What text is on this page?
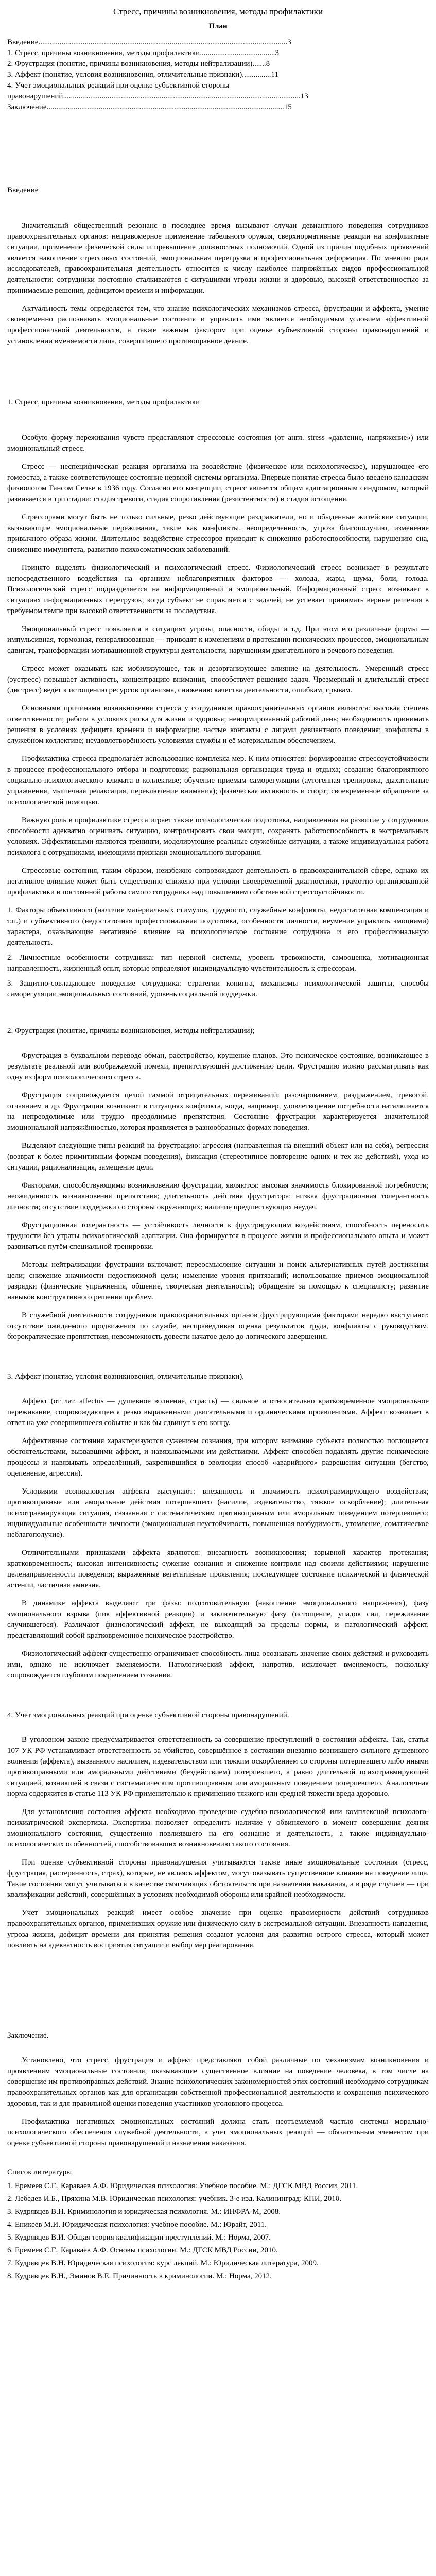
Стресс, причины возникновения, методы профилактики
План
Введение.................................................................................................................................3
1. Стресс, причины возникновения, методы профилактики.......................................3
2. Фрустрация (понятие, причины возникновения, методы нейтрализации).......8
3. Аффект (понятие, условия возникновения, отличительные признаки)...............11
4. Учет эмоциональных реакций при оценке субъективной стороны правонарушений...........................................................................................................................13
Заключение...........................................................................................................................15
Введение

Значительный общественный резонанс в последнее время вызывают случаи девиантного поведения сотрудников правоохранительных органов: неправомерное применение табельного оружия, сверхнормативные реакции на конфликтные ситуации, применение физической силы и превышение должностных полномочий. Одной из причин подобных проявлений является накопление стрессовых состояний, эмоциональная перегрузка и профессиональная деформация. По мнению ряда исследователей, правоохранительная деятельность относится к числу наиболее напряжённых видов профессиональной деятельности: сотрудники постоянно сталкиваются с ситуациями угрозы жизни и здоровью, высокой ответственностью за принимаемые решения, дефицитом времени и информации.

Актуальность темы определяется тем, что знание психологических механизмов стресса, фрустрации и аффекта, умение своевременно распознавать эмоциональные состояния и управлять ими является необходимым условием эффективной профессиональной деятельности, а также важным фактором при оценке субъективной стороны правонарушений и установлении вменяемости лица, совершившего противоправное деяние.

1. Стресс, причины возникновения, методы профилактики

Особую форму переживания чувств представляют стрессовые состояния (от англ. stress «давление, напряжение») или эмоциональный стресс.

Стресс — неспецифическая реакция организма на воздействие (физическое или психологическое), нарушающее его гомеостаз, а также соответствующее состояние нервной системы организма. Впервые понятие стресса было введено канадским физиологом Гансом Селье в 1936 году. Согласно его концепции, стресс является общим адаптационным синдромом, который развивается в три стадии: стадия тревоги, стадия сопротивления (резистентности) и стадия истощения.

Стрессорами могут быть не только сильные, резко действующие раздражители, но и обыденные житейские ситуации, вызывающие эмоциональные переживания, такие как конфликты, неопределенность, угроза благополучию, изменение привычного образа жизни. Длительное воздействие стрессоров приводит к снижению работоспособности, нарушению сна, снижению иммунитета, развитию психосоматических заболеваний.

Принято выделять физиологический и психологический стресс. Физиологический стресс возникает в результате непосредственного воздействия на организм неблагоприятных факторов — холода, жары, шума, боли, голода. Психологический стресс подразделяется на информационный и эмоциональный. Информационный стресс возникает в ситуациях информационных перегрузок, когда субъект не справляется с задачей, не успевает принимать верные решения в требуемом темпе при высокой ответственности за последствия.

Эмоциональный стресс появляется в ситуациях угрозы, опасности, обиды и т.д. При этом его различные формы — импульсивная, тормозная, генерализованная — приводят к изменениям в протекании психических процессов, эмоциональным сдвигам, трансформации мотивационной структуры деятельности, нарушениям двигательного и речевого поведения.

Стресс может оказывать как мобилизующее, так и дезорганизующее влияние на деятельность. Умеренный стресс (эустресс) повышает активность, концентрацию внимания, способствует решению задач. Чрезмерный и длительный стресс (дистресс) ведёт к истощению ресурсов организма, снижению качества деятельности, ошибкам, срывам.

Основными причинами возникновения стресса у сотрудников правоохранительных органов являются: высокая степень ответственности; работа в условиях риска для жизни и здоровья; ненормированный рабочий день; необходимость принимать решения в условиях дефицита времени и информации; частые контакты с лицами девиантного поведения; конфликты в служебном коллективе; неудовлетворённость условиями службы и её материальным обеспечением.

Профилактика стресса предполагает использование комплекса мер. К ним относятся: формирование стрессоустойчивости в процессе профессионального отбора и подготовки; рациональная организация труда и отдыха; создание благоприятного социально-психологического климата в коллективе; обучение приемам саморегуляции (аутогенная тренировка, дыхательные упражнения, мышечная релаксация, переключение внимания); физическая активность и спорт; своевременное обращение за психологической помощью.

Важную роль в профилактике стресса играет также психологическая подготовка, направленная на развитие у сотрудников способности адекватно оценивать ситуацию, контролировать свои эмоции, сохранять работоспособность в экстремальных условиях. Эффективными являются тренинги, моделирующие реальные служебные ситуации, а также индивидуальная работа психолога с сотрудниками, имеющими признаки эмоционального выгорания.

Стрессовые состояния, таким образом, неизбежно сопровождают деятельность в правоохранительной сфере, однако их негативное влияние может быть существенно снижено при условии своевременной диагностики, грамотно организованной профилактики и постоянной работы самого сотрудника над повышением собственной стрессоустойчивости.

1. Факторы объективного (наличие материальных стимулов, трудности, служебные конфликты, недостаточная компенсация и т.п.) и субъективного (недостаточная профессиональная подготовка, особенности личности, неумение управлять эмоциями) характера, оказывающие негативное влияние на психологическое состояние сотрудника и его профессиональную деятельность.
2. Личностные особенности сотрудника: тип нервной системы, уровень тревожности, самооценка, мотивационная направленность, жизненный опыт, которые определяют индивидуальную чувствительность к стрессорам.
3. Защитно-совладающее поведение сотрудника: стратегии копинга, механизмы психологической защиты, способы саморегуляции эмоциональных состояний, уровень социальной поддержки.
2. Фрустрация (понятие, причины возникновения, методы нейтрализации);

Фрустрация в буквальном переводе обман, расстройство, крушение планов. Это психическое состояние, возникающее в результате реальной или воображаемой помехи, препятствующей достижению цели. Фрустрацию можно рассматривать как одну из форм психологического стресса.

Фрустрация сопровождается целой гаммой отрицательных переживаний: разочарованием, раздражением, тревогой, отчаянием и др. Фрустрации возникают в ситуациях конфликта, когда, например, удовлетворение потребности наталкивается на непреодолимые или трудно преодолимые препятствия. Состояние фрустрации характеризуется значительной эмоциональной напряжённостью, которая проявляется в разнообразных формах поведения.

Выделяют следующие типы реакций на фрустрацию: агрессия (направленная на внешний объект или на себя), регрессия (возврат к более примитивным формам поведения), фиксация (стереотипное повторение одних и тех же действий), уход из ситуации, рационализация, замещение цели.

Факторами, способствующими возникновению фрустрации, являются: высокая значимость блокированной потребности; неожиданность возникновения препятствия; длительность действия фрустратора; низкая фрустрационная толерантность личности; отсутствие поддержки со стороны окружающих; наличие предшествующих неудач.

Фрустрационная толерантность — устойчивость личности к фрустрирующим воздействиям, способность переносить трудности без утраты психологической адаптации. Она формируется в процессе жизни и профессионального опыта и может развиваться путём специальной тренировки.

Методы нейтрализации фрустрации включают: переосмысление ситуации и поиск альтернативных путей достижения цели; снижение значимости недостижимой цели; изменение уровня притязаний; использование приемов эмоциональной разрядки (физические упражнения, общение, творческая деятельность); обращение за помощью к специалисту; развитие навыков конструктивного решения проблем.

В служебной деятельности сотрудников правоохранительных органов фрустрирующими факторами нередко выступают: отсутствие ожидаемого продвижения по службе, несправедливая оценка результатов труда, конфликты с руководством, бюрократические препятствия, невозможность довести начатое дело до логического завершения.

3. Аффект (понятие, условия возникновения, отличительные признаки).

Аффект (от лат. affectus — душевное волнение, страсть) — сильное и относительно кратковременное эмоциональное переживание, сопровождающееся резко выраженными двигательными и органическими проявлениями. Аффект возникает в ответ на уже совершившееся событие и как бы сдвинут к его концу.

Аффективные состояния характеризуются сужением сознания, при котором внимание субъекта полностью поглощается обстоятельствами, вызвавшими аффект, и навязываемыми им действиями. Аффект способен подавлять другие психические процессы и навязывать определённый, закрепившийся в эволюции способ «аварийного» разрешения ситуации (бегство, оцепенение, агрессия).

Условиями возникновения аффекта выступают: внезапность и значимость психотравмирующего воздействия; противоправные или аморальные действия потерпевшего (насилие, издевательство, тяжкое оскорбление); длительная психотравмирующая ситуация, связанная с систематическим противоправным или аморальным поведением потерпевшего; индивидуальные особенности личности (эмоциональная неустойчивость, повышенная возбудимость, утомление, соматическое неблагополучие).

Отличительными признаками аффекта являются: внезапность возникновения; взрывной характер протекания; кратковременность; высокая интенсивность; сужение сознания и снижение контроля над своими действиями; нарушение целенаправленности поведения; выраженные вегетативные проявления; последующее состояние психической и физической астении, частичная амнезия.

В динамике аффекта выделяют три фазы: подготовительную (накопление эмоционального напряжения), фазу эмоционального взрыва (пик аффективной реакции) и заключительную фазу (истощение, упадок сил, переживание случившегося). Различают физиологический аффект, не выходящий за пределы нормы, и патологический аффект, представляющий собой кратковременное психическое расстройство.

Физиологический аффект существенно ограничивает способность лица осознавать значение своих действий и руководить ими, однако не исключает вменяемости. Патологический аффект, напротив, исключает вменяемость, поскольку сопровождается глубоким помрачением сознания.

4. Учет эмоциональных реакций при оценке субъективной стороны правонарушений.

В уголовном законе предусматривается ответственность за совершение преступлений в состоянии аффекта. Так, статья 107 УК РФ устанавливает ответственность за убийство, совершённое в состоянии внезапно возникшего сильного душевного волнения (аффекта), вызванного насилием, издевательством или тяжким оскорблением со стороны потерпевшего либо иными противоправными или аморальными действиями (бездействием) потерпевшего, а равно длительной психотравмирующей ситуацией, возникшей в связи с систематическим противоправным или аморальным поведением потерпевшего. Аналогичная норма содержится в статье 113 УК РФ применительно к причинению тяжкого или средней тяжести вреда здоровью.

Для установления состояния аффекта необходимо проведение судебно-психологической или комплексной психолого-психиатрической экспертизы. Экспертиза позволяет определить наличие у обвиняемого в момент совершения деяния эмоционального состояния, существенно повлиявшего на его сознание и деятельность, а также индивидуально-психологических особенностей, способствовавших возникновению такого состояния.

При оценке субъективной стороны правонарушения учитываются также иные эмоциональные состояния (стресс, фрустрация, растерянность, страх), которые, не являясь аффектом, могут оказывать существенное влияние на поведение лица. Такие состояния могут учитываться в качестве смягчающих обстоятельств при назначении наказания, а в ряде случаев — при квалификации действий, совершённых в условиях необходимой обороны или крайней необходимости.

Учет эмоциональных реакций имеет особое значение при оценке правомерности действий сотрудников правоохранительных органов, применивших оружие или физическую силу в экстремальной ситуации. Внезапность нападения, угроза жизни, дефицит времени для принятия решения создают условия для развития острого стресса, который может повлиять на адекватность восприятия ситуации и выбор мер реагирования.

Заключение.

Установлено, что стресс, фрустрация и аффект представляют собой различные по механизмам возникновения и проявлениям эмоциональные состояния, оказывающие существенное влияние на поведение человека, в том числе на совершение им противоправных действий. Знание психологических закономерностей этих состояний необходимо сотрудникам правоохранительных органов как для организации собственной профессиональной деятельности и сохранения психического здоровья, так и для правильной оценки поведения участников уголовного процесса.

Профилактика негативных эмоциональных состояний должна стать неотъемлемой частью системы морально-психологического обеспечения служебной деятельности, а учет эмоциональных реакций — обязательным элементом при оценке субъективной стороны правонарушений и назначении наказания.

Список литературы
1. Еремеев С.Г., Караваев А.Ф. Юридическая психология: Учебное пособие. М.: ДГСК МВД России, 2011.
2. Лебедев И.Б., Пряхина М.В. Юридическая психология: учебник. 3-е изд. Калининград: КПИ, 2010.
3. Кудрявцев В.Н. Криминология и юридическая психология. М.: ИНФРА-М, 2008.
4. Еникеев М.И. Юридическая психология: учебное пособие. М.: Юрайт, 2011.
5. Кудрявцев В.И. Общая теория квалификации преступлений. М.: Норма, 2007.
6. Еремеев С.Г., Караваев А.Ф. Основы психологии. М.: ДГСК МВД России, 2010.
7. Кудрявцев В.Н. Юридическая психология: курс лекций. М.: Юридическая литература, 2009.
8. Кудрявцев В.Н., Эминов В.Е. Причинность в криминологии. М.: Норма, 2012.
